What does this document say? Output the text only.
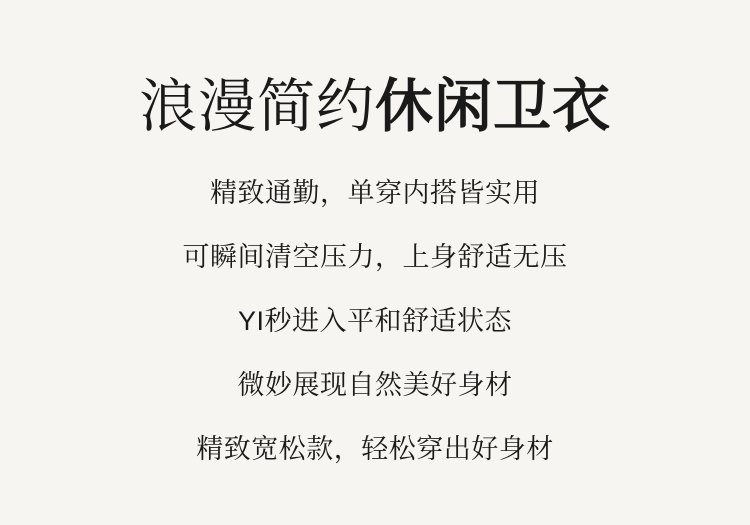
浪漫简约休闲卫衣
精致通勤，单穿内搭皆实用
可瞬间清空压力，上身舒适无压
YI秒进入平和舒适状态
微妙展现自然美好身材
精致宽松款，轻松穿出好身材
